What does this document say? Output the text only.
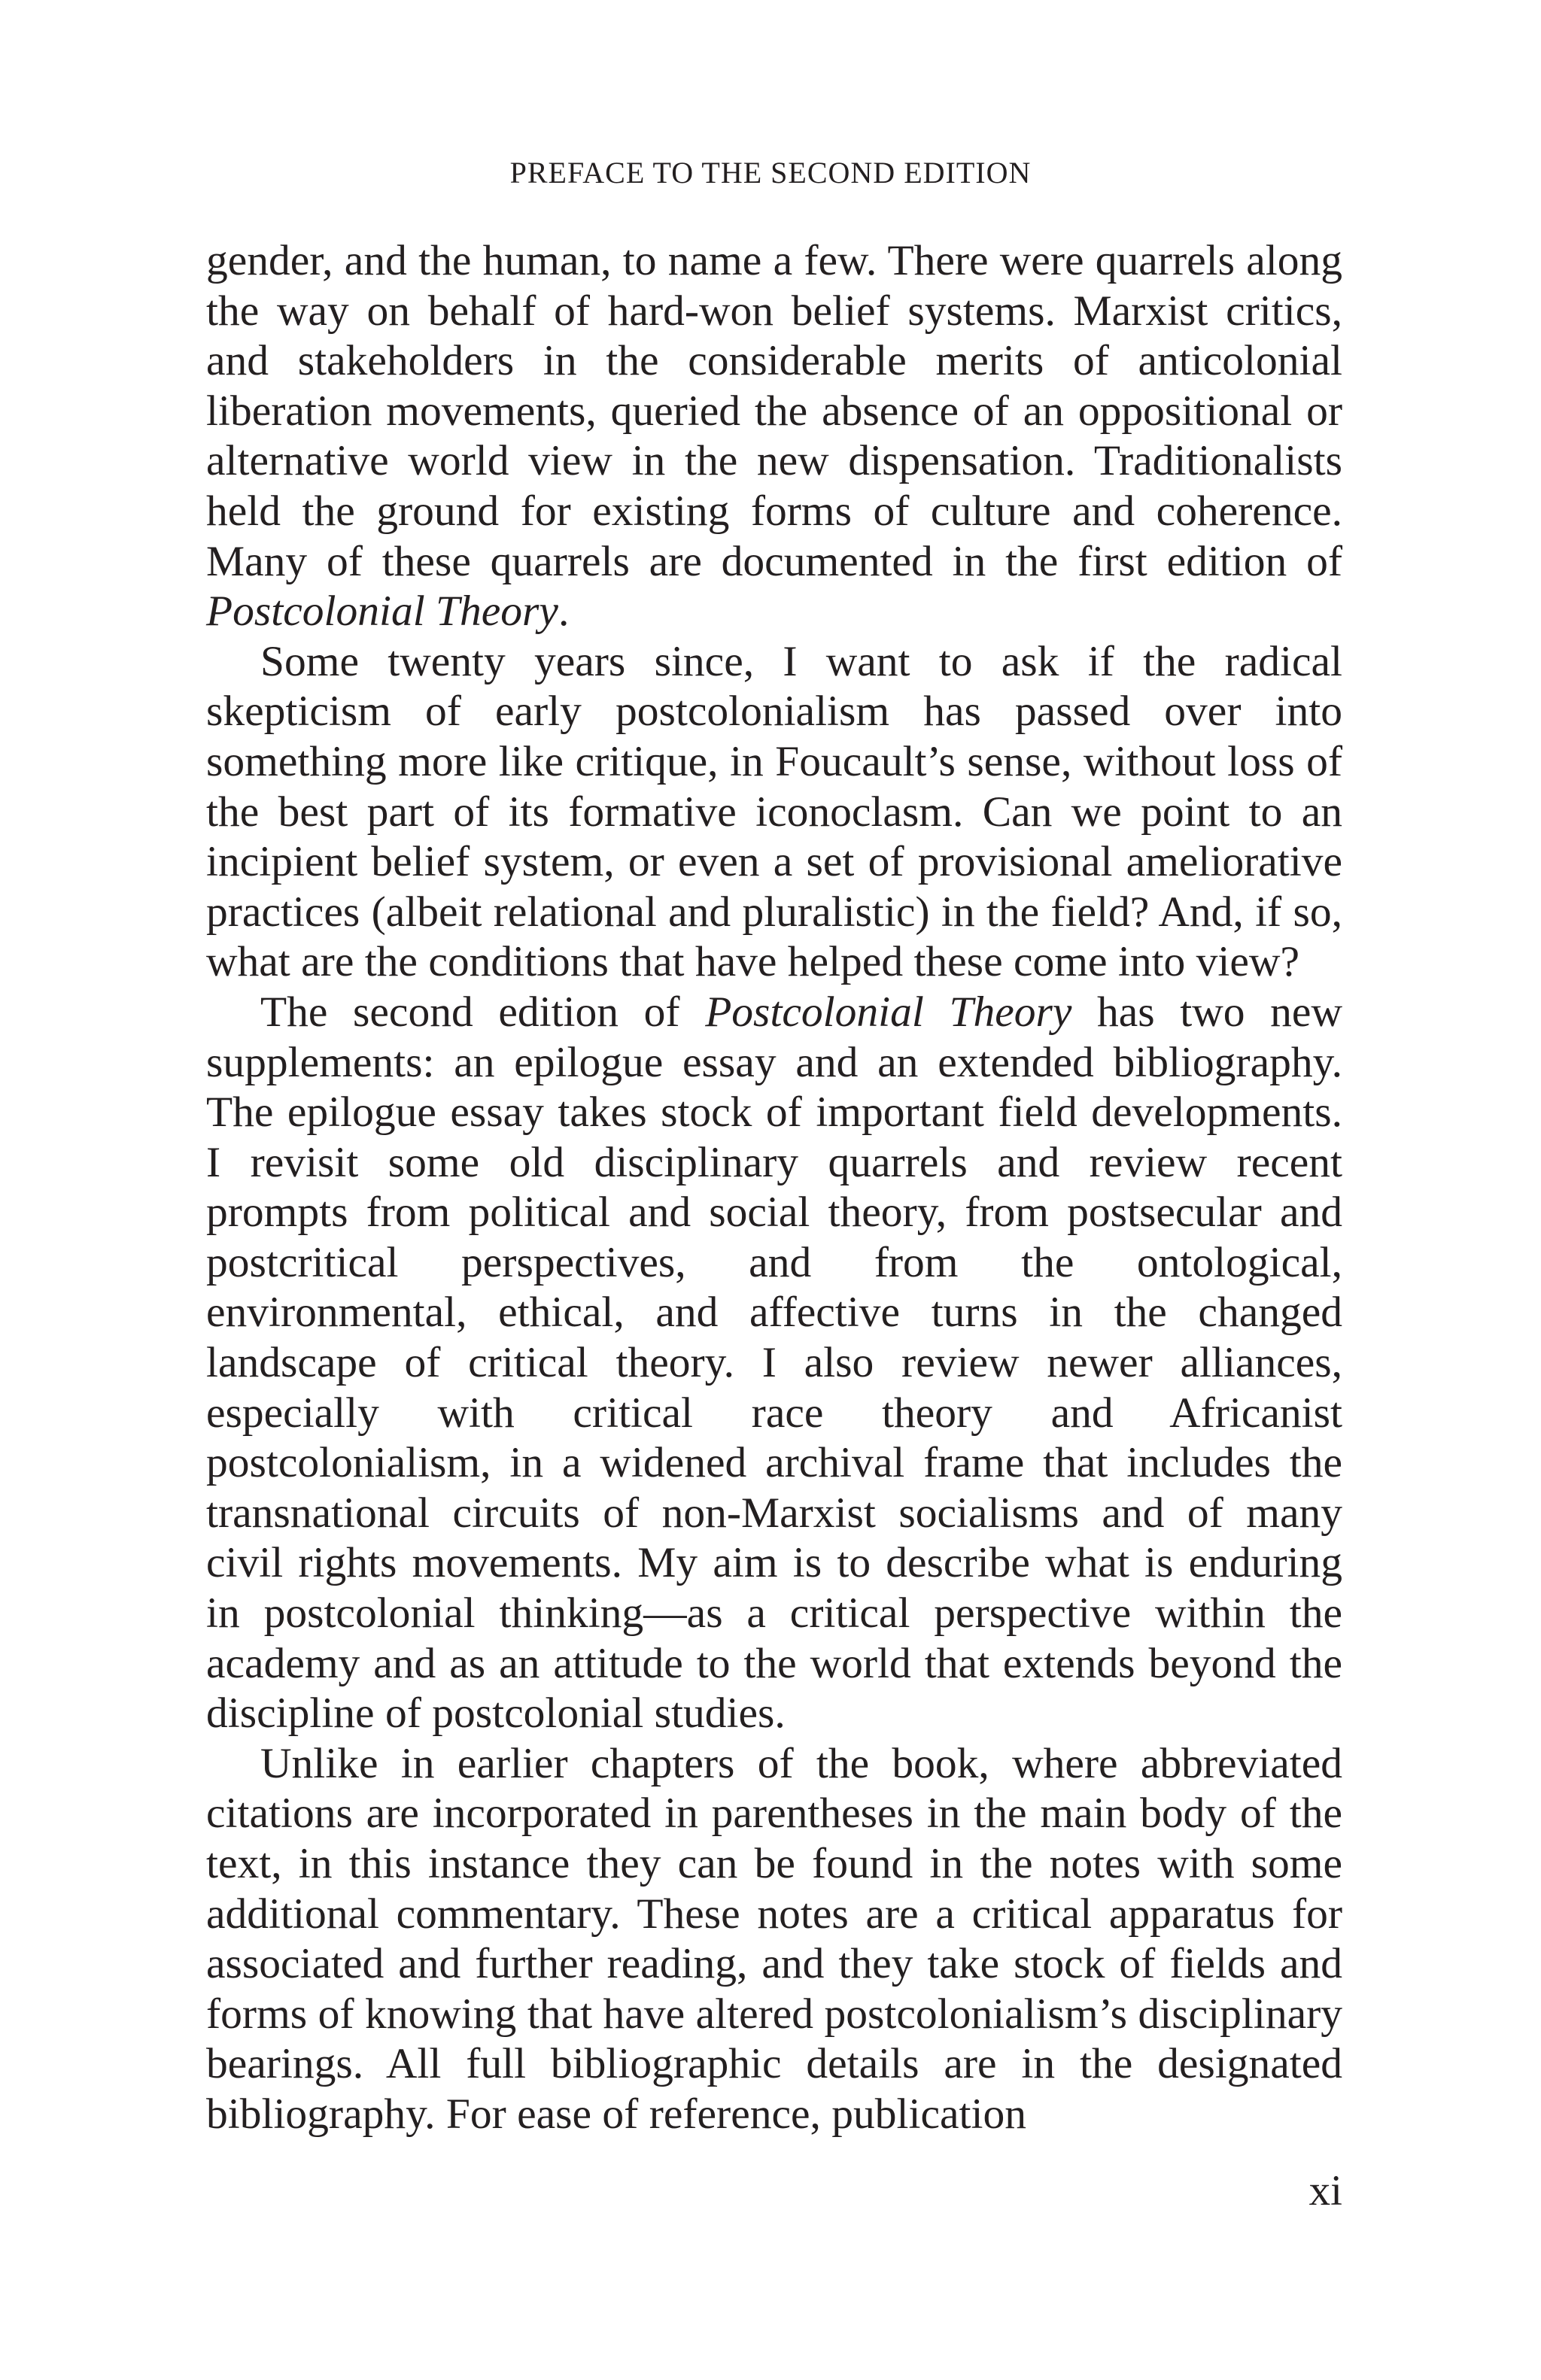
PREFACE TO THE SECOND EDITION

gender, and the human, to name a few. There were quarrels along the way on behalf of hard-won belief systems. Marxist critics, and stakeholders in the considerable merits of anticolonial liberation movements, queried the absence of an oppositional or alternative world view in the new dispensation. Traditionalists held the ground for existing forms of culture and coherence. Many of these quarrels are documented in the first edition of Postcolonial Theory.

Some twenty years since, I want to ask if the radical skepticism of early postcolonialism has passed over into something more like critique, in Foucault’s sense, without loss of the best part of its formative iconoclasm. Can we point to an incipient belief system, or even a set of provisional ameliorative practices (albeit relational and pluralistic) in the field? And, if so, what are the conditions that have helped these come into view?

The second edition of Postcolonial Theory has two new supplements: an epilogue essay and an extended bibliography. The epilogue essay takes stock of important field developments. I revisit some old disciplinary quarrels and review recent prompts from political and social theory, from postsecular and postcritical perspectives, and from the ontological, environmental, ethical, and affective turns in the changed landscape of critical theory. I also review newer alliances, especially with critical race theory and Africanist postcolonialism, in a widened archival frame that includes the transnational circuits of non-Marxist socialisms and of many civil rights movements. My aim is to describe what is enduring in postcolonial thinking—as a critical perspective within the academy and as an attitude to the world that extends beyond the discipline of postcolonial studies.

Unlike in earlier chapters of the book, where abbreviated citations are incorporated in parentheses in the main body of the text, in this instance they can be found in the notes with some additional commentary. These notes are a critical apparatus for associated and further reading, and they take stock of fields and forms of knowing that have altered postcolonialism’s disciplinary bearings. All full bibliographic details are in the designated bibliography. For ease of reference, publication

xi
